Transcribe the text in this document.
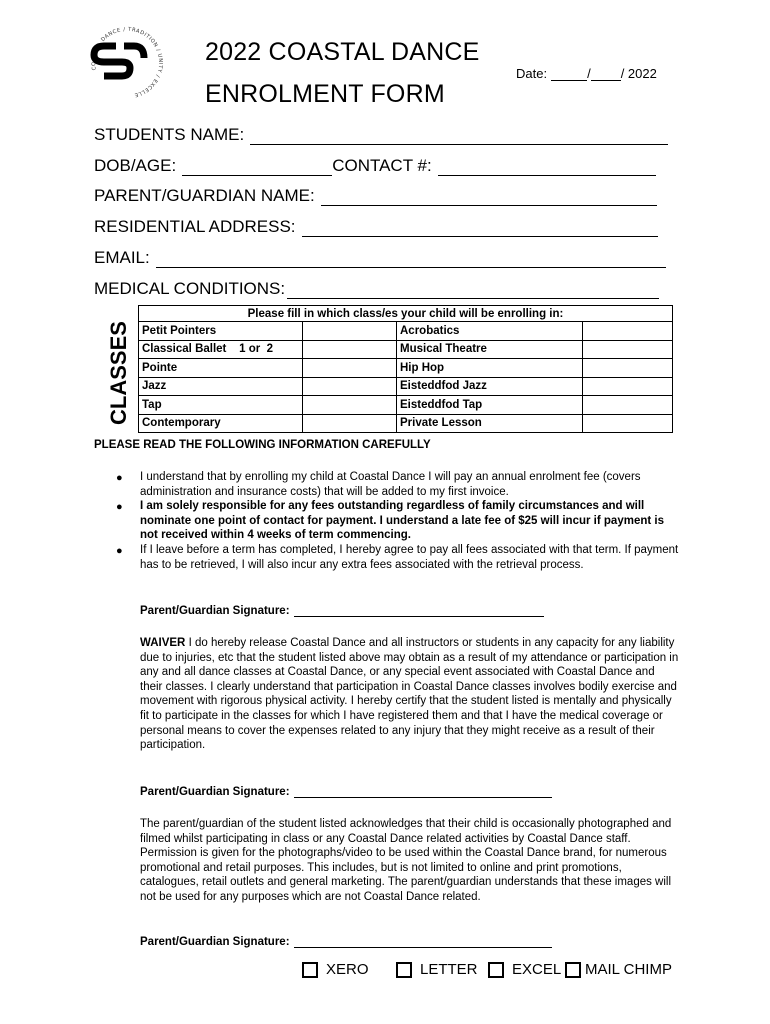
COASTAL DANCE / TRADITION / UNITY / EXCELLE
2022 COASTAL DANCE
ENROLMENT FORM
Date:	/ / 2022
STUDENTS NAME:
DOB/AGE:	CONTACT #:
PARENT/GUARDIAN NAME:
RESIDENTIAL ADDRESS:
EMAIL:
MEDICAL CONDITIONS:
CLASSES
Please fill in which class/es your child will be enrolling in:			
Petit Pointers		Acrobatics	
Classical Ballet    1 or  2		Musical Theatre	
Pointe		Hip Hop	
Jazz		Eisteddfod Jazz	
Tap		Eisteddfod Tap	
Contemporary		Private Lesson	
PLEASE READ THE FOLLOWING INFORMATION CAREFULLY
● I understand that by enrolling my child at Coastal Dance I will pay an annual enrolment fee (covers administration and insurance costs) that will be added to my first invoice.
● I am solely responsible for any fees outstanding regardless of family circumstances and will nominate one point of contact for payment. I understand a late fee of $25 will incur if payment is not received within 4 weeks of term commencing.
● If I leave before a term has completed, I hereby agree to pay all fees associated with that term. If payment has to be retrieved, I will also incur any extra fees associated with the retrieval process.
Parent/Guardian Signature:
WAIVER I do hereby release Coastal Dance and all instructors or students in any capacity for any liability due to injuries, etc that the student listed above may obtain as a result of my attendance or participation in any and all dance classes at Coastal Dance, or any special event associated with Coastal Dance and their classes. I clearly understand that participation in Coastal Dance classes involves bodily exercise and movement with rigorous physical activity. I hereby certify that the student listed is mentally and physically fit to participate in the classes for which I have registered them and that I have the medical coverage or personal means to cover the expenses related to any injury that they might receive as a result of their participation.
Parent/Guardian Signature:
The parent/guardian of the student listed acknowledges that their child is occasionally photographed and filmed whilst participating in class or any Coastal Dance related activities by Coastal Dance staff. Permission is given for the photographs/video to be used within the Coastal Dance brand, for numerous promotional and retail purposes. This includes, but is not limited to online and print promotions, catalogues, retail outlets and general marketing. The parent/guardian understands that these images will not be used for any purposes which are not Coastal Dance related.
Parent/Guardian Signature:
XERO	LETTER EXCEL MAIL CHIMP
